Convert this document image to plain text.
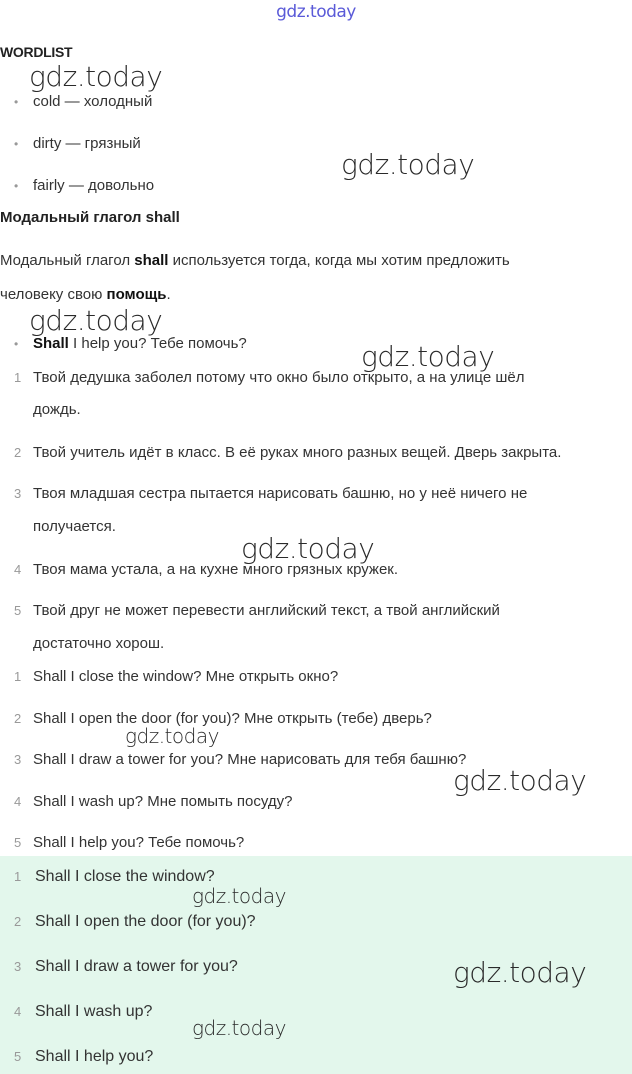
gdz.today
WORDLIST
• cold — холодный
• dirty — грязный
• fairly — довольно
Модальный глагол shall
Модальный глагол shall используется тогда, когда мы хотим предложить
человеку свою помощь.
• Shall I help you? Тебе помочь?
1 Твой дедушка заболел потому что окно было открыто, а на улице шёл
дождь.
2 Твой учитель идёт в класс. В её руках много разных вещей. Дверь закрыта.
3 Твоя младшая сестра пытается нарисовать башню, но у неё ничего не
получается.
4 Твоя мама устала, а на кухне много грязных кружек.
5 Твой друг не может перевести английский текст, а твой английский
достаточно хорош.
1 Shall I close the window? Мне открыть окно?
2 Shall I open the door (for you)? Мне открыть (тебе) дверь?
3 Shall I draw a tower for you? Мне нарисовать для тебя башню?
4 Shall I wash up? Мне помыть посуду?
5 Shall I help you? Тебе помочь?
1 Shall I close the window?
2 Shall I open the door (for you)?
3 Shall I draw a tower for you?
4 Shall I wash up?
5 Shall I help you?
gdz.today
gdz.today
gdz.today
gdz.today
gdz.today
gdz.today
gdz.today
gdz.today
gdz.today
gdz.today
